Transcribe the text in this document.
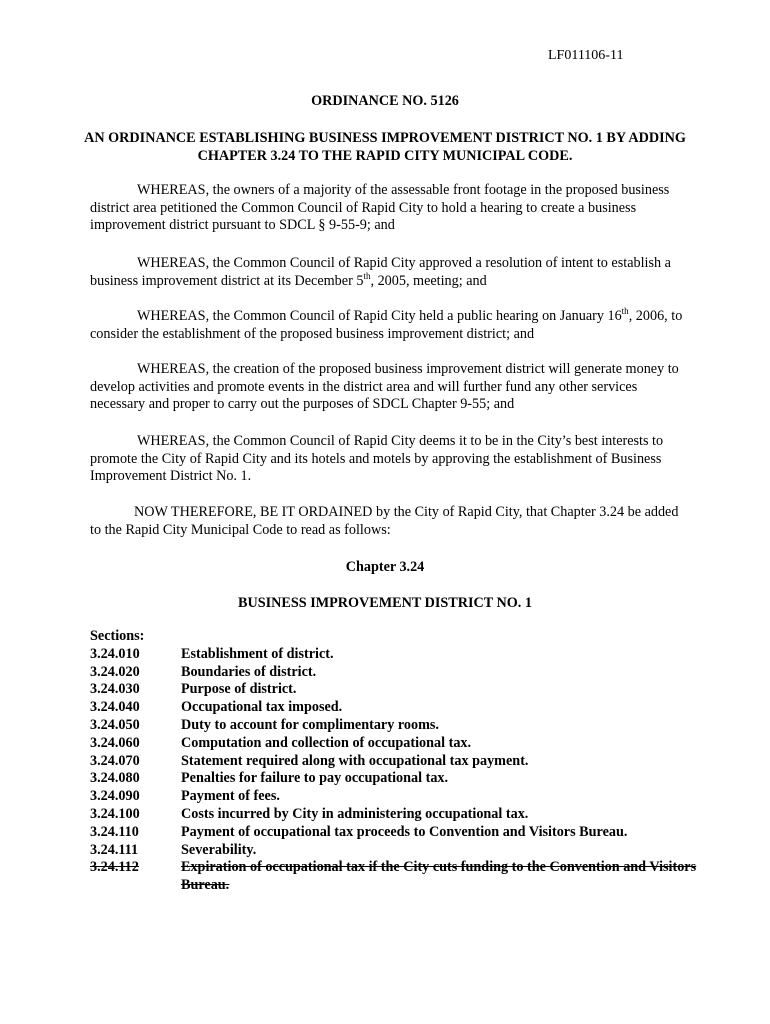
LF011106-11
ORDINANCE NO. 5126
AN ORDINANCE ESTABLISHING BUSINESS IMPROVEMENT DISTRICT NO. 1 BY ADDING CHAPTER 3.24 TO THE RAPID CITY MUNICIPAL CODE.
WHEREAS, the owners of a majority of the assessable front footage in the proposed business district area petitioned the Common Council of Rapid City to hold a hearing to create a business improvement district pursuant to SDCL § 9-55-9; and
WHEREAS, the Common Council of Rapid City approved a resolution of intent to establish a business improvement district at its December 5th, 2005, meeting; and
WHEREAS, the Common Council of Rapid City held a public hearing on January 16th, 2006, to consider the establishment of the proposed business improvement district; and
WHEREAS, the creation of the proposed business improvement district will generate money to develop activities and promote events in the district area and will further fund any other services necessary and proper to carry out the purposes of SDCL Chapter 9-55; and
WHEREAS, the Common Council of Rapid City deems it to be in the City’s best interests to promote the City of Rapid City and its hotels and motels by approving the establishment of Business Improvement District No. 1.
NOW THEREFORE, BE IT ORDAINED by the City of Rapid City, that Chapter 3.24 be added to the Rapid City Municipal Code to read as follows:
Chapter 3.24
BUSINESS IMPROVEMENT DISTRICT NO. 1
Sections:
3.24.010	Establishment of district.
3.24.020	Boundaries of district.
3.24.030	Purpose of district.
3.24.040	Occupational tax imposed.
3.24.050	Duty to account for complimentary rooms.
3.24.060	Computation and collection of occupational tax.
3.24.070	Statement required along with occupational tax payment.
3.24.080	Penalties for failure to pay occupational tax.
3.24.090	Payment of fees.
3.24.100	Costs incurred by City in administering occupational tax.
3.24.110	Payment of occupational tax proceeds to Convention and Visitors Bureau.
3.24.111	Severability.
3.24.112	Expiration of occupational tax if the City cuts funding to the Convention and Visitors Bureau.
